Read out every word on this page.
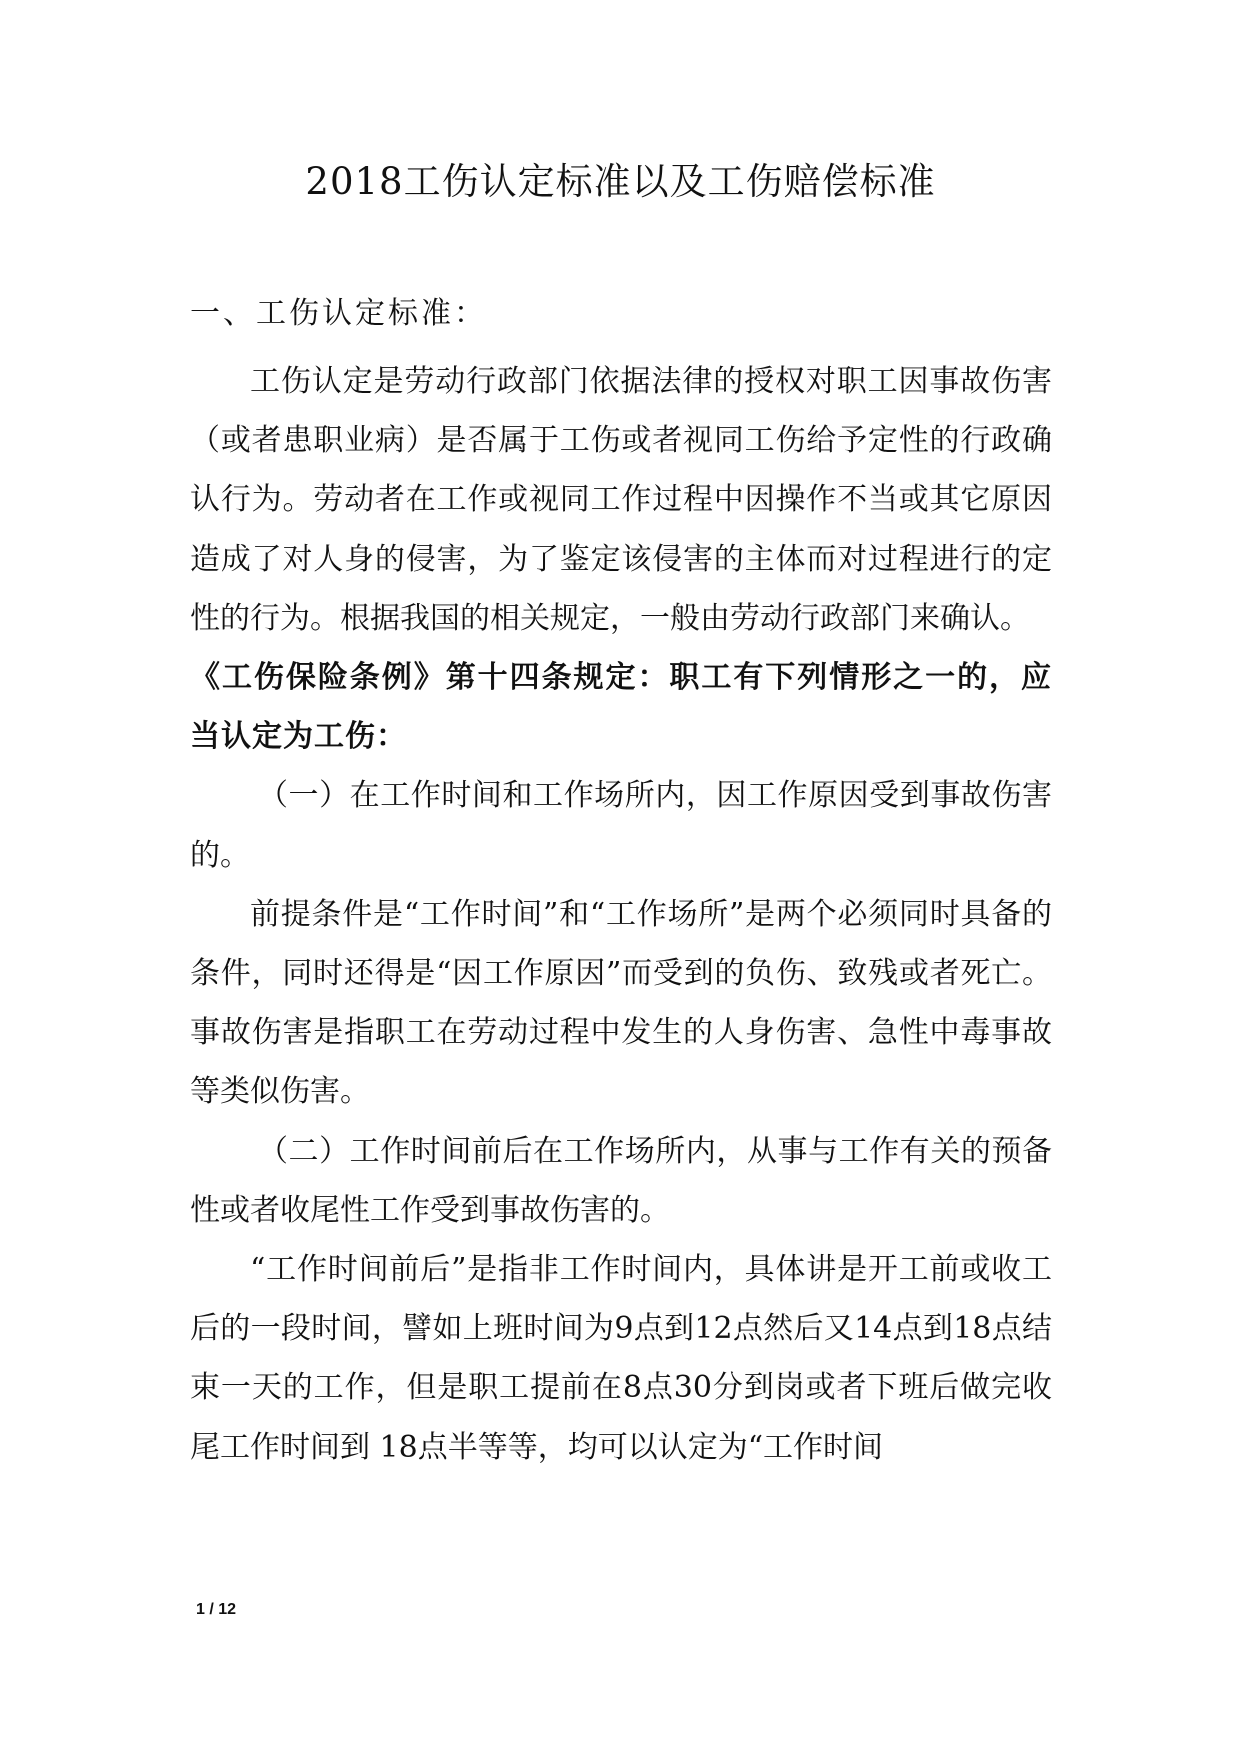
2018工伤认定标准以及工伤赔偿标准
一、工伤认定标准：

工伤认定是劳动行政部门依据法律的授权对职工因事故伤害（或者患职业病）是否属于工伤或者视同工伤给予定性的行政确认行为。劳动者在工作或视同工作过程中因操作不当或其它原因造成了对人身的侵害，为了鉴定该侵害的主体而对过程进行的定性的行为。根据我国的相关规定，一般由劳动行政部门来确认。

《工伤保险条例》第十四条规定：职工有下列情形之一的，应当认定为工伤：

（一）在工作时间和工作场所内，因工作原因受到事故伤害的。

前提条件是“工作时间”和“工作场所”是两个必须同时具备的条件，同时还得是“因工作原因”而受到的负伤、致残或者死亡。事故伤害是指职工在劳动过程中发生的人身伤害、急性中毒事故等类似伤害。

（二）工作时间前后在工作场所内，从事与工作有关的预备性或者收尾性工作受到事故伤害的。

“工作时间前后”是指非工作时间内，具体讲是开工前或收工后的一段时间，譬如上班时间为9点到12点然后又14点到18点结束一天的工作，但是职工提前在8点30分到岗或者下班后做完收尾工作时间到 18点半等等，均可以认定为“工作时间

1 / 12
